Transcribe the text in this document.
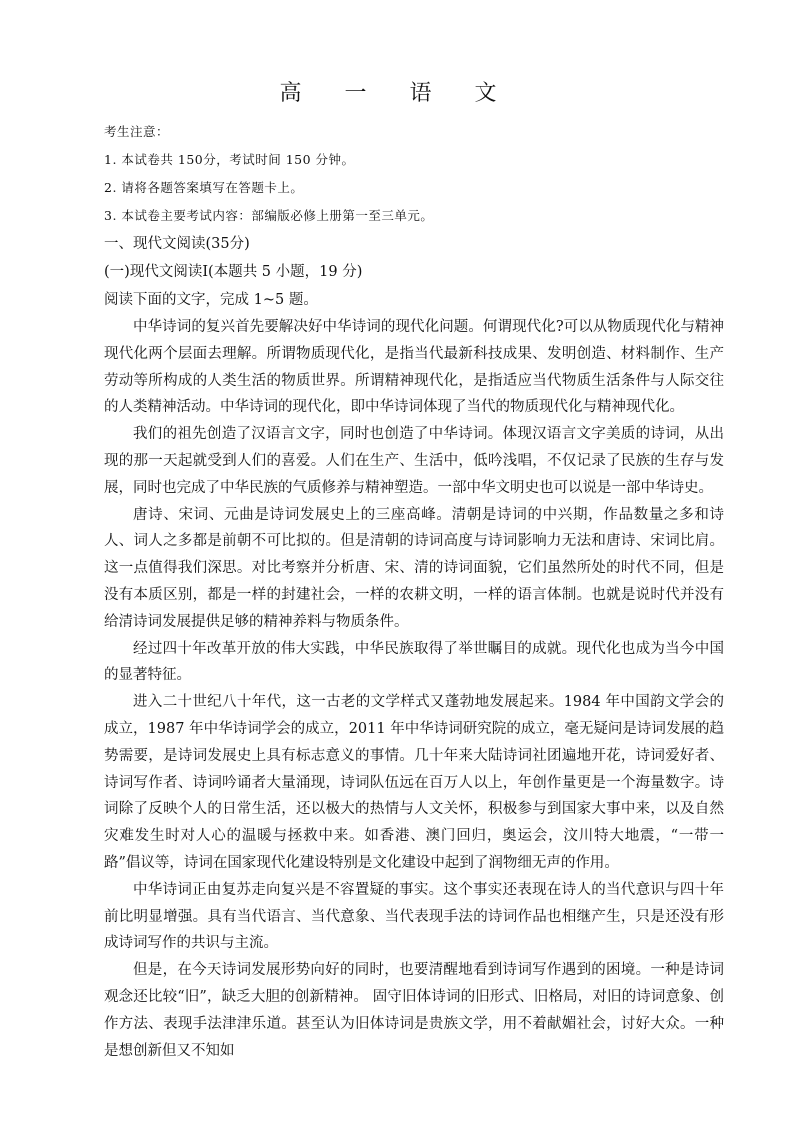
高 一 语 文
考生注意：
1. 本试卷共 150分，考试时间 150 分钟。
2. 请将各题答案填写在答题卡上。
3. 本试卷主要考试内容：部编版必修上册第一至三单元。
一、现代文阅读(35分)
(一)现代文阅读Ⅰ(本题共 5 小题，19 分)
阅读下面的文字，完成 1~5 题。

中华诗词的复兴首先要解决好中华诗词的现代化问题。何谓现代化?可以从物质现代化与精神现代化两个层面去理解。所谓物质现代化，是指当代最新科技成果、发明创造、材料制作、生产劳动等所构成的人类生活的物质世界。所谓精神现代化，是指适应当代物质生活条件与人际交往的人类精神活动。中华诗词的现代化，即中华诗词体现了当代的物质现代化与精神现代化。

我们的祖先创造了汉语言文字，同时也创造了中华诗词。体现汉语言文字美质的诗词，从出现的那一天起就受到人们的喜爱。人们在生产、生活中，低吟浅唱，不仅记录了民族的生存与发展，同时也完成了中华民族的气质修养与精神塑造。一部中华文明史也可以说是一部中华诗史。

唐诗、宋词、元曲是诗词发展史上的三座高峰。清朝是诗词的中兴期，作品数量之多和诗人、词人之多都是前朝不可比拟的。但是清朝的诗词高度与诗词影响力无法和唐诗、宋词比肩。这一点值得我们深思。对比考察并分析唐、宋、清的诗词面貌，它们虽然所处的时代不同，但是没有本质区别，都是一样的封建社会，一样的农耕文明，一样的语言体制。也就是说时代并没有给清诗词发展提供足够的精神养料与物质条件。

经过四十年改革开放的伟大实践，中华民族取得了举世瞩目的成就。现代化也成为当今中国的显著特征。

进入二十世纪八十年代，这一古老的文学样式又蓬勃地发展起来。1984 年中国韵文学会的成立，1987 年中华诗词学会的成立，2011 年中华诗词研究院的成立，毫无疑问是诗词发展的趋势需要，是诗词发展史上具有标志意义的事情。几十年来大陆诗词社团遍地开花，诗词爱好者、诗词写作者、诗词吟诵者大量涌现，诗词队伍远在百万人以上，年创作量更是一个海量数字。诗词除了反映个人的日常生活，还以极大的热情与人文关怀，积极参与到国家大事中来，以及自然灾难发生时对人心的温暖与拯救中来。如香港、澳门回归，奥运会，汶川特大地震，“一带一路”倡议等，诗词在国家现代化建设特别是文化建设中起到了润物细无声的作用。

中华诗词正由复苏走向复兴是不容置疑的事实。这个事实还表现在诗人的当代意识与四十年前比明显增强。具有当代语言、当代意象、当代表现手法的诗词作品也相继产生，只是还没有形成诗词写作的共识与主流。

但是，在今天诗词发展形势向好的同时，也要清醒地看到诗词写作遇到的困境。一种是诗词观念还比较“旧”，缺乏大胆的创新精神。 固守旧体诗词的旧形式、旧格局，对旧的诗词意象、创作方法、表现手法津津乐道。甚至认为旧体诗词是贵族文学，用不着献媚社会，讨好大众。一种是想创新但又不知如
